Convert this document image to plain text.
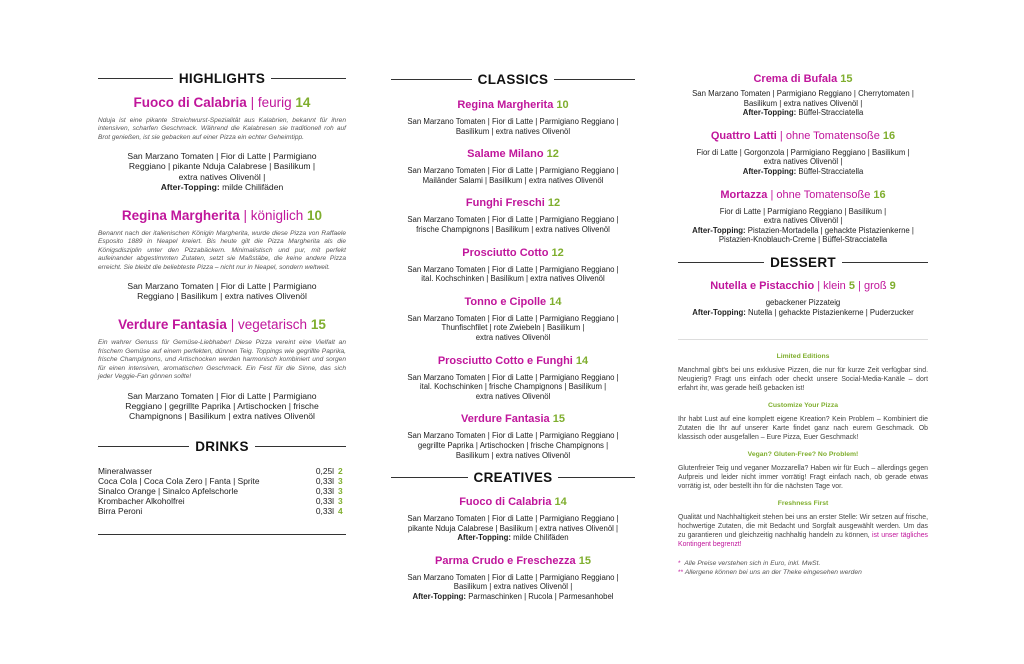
HIGHLIGHTS

Fuoco di Calabria | feurig 14

Nduja ist eine pikante Streichwurst-Spezialität aus Kalabrien, bekannt für ihren intensiven, scharfen Geschmack. Während die Kalabresen sie traditionell roh auf Brot genießen, ist sie gebacken auf einer Pizza ein echter Geheimtipp.

San Marzano Tomaten | Fior di Latte | Parmigiano

Reggiano | pikante Nduja Calabrese | Basilikum |

extra natives Olivenöl |

After-Topping: milde Chilifäden

Regina Margherita | königlich 10

Benannt nach der italienischen Königin Margherita, wurde diese Pizza von Raffaele Esposito 1889 in Neapel kreiert. Bis heute gilt die Pizza Margherita als die Königsdisziplin unter den Pizzabäckern. Minimalistisch und pur, mit perfekt aufeinander abgestimmten Zutaten, setzt sie Maßstäbe, die keine andere Pizza erreicht. Sie bleibt die beliebteste Pizza – nicht nur in Neapel, sondern weltweit.

San Marzano Tomaten | Fior di Latte | Parmigiano

Reggiano | Basilikum | extra natives Olivenöl

Verdure Fantasia | vegetarisch 15

Ein wahrer Genuss für Gemüse-Liebhaber! Diese Pizza vereint eine Vielfalt an frischem Gemüse auf einem perfekten, dünnen Teig. Toppings wie gegrillte Paprika, frische Champignons, und Artischocken werden harmonisch kombiniert und sorgen für einen intensiven, aromatischen Geschmack. Ein Fest für die Sinne, das sich jeder Veggie-Fan gönnen sollte!

San Marzano Tomaten | Fior di Latte | Parmigiano

Reggiano | gegrillte Paprika | Artischocken | frische

Champignons | Basilikum | extra natives Olivenöl

DRINKS
Mineralwasser	0,25l	2
Coca Cola | Coca Cola Zero | Fanta | Sprite	0,33l	3
Sinalco Orange | Sinalco Apfelschorle	0,33l	3
Krombacher Alkoholfrei	0,33l	3
Birra Peroni	0,33l	4
CLASSICS

Regina Margherita 10

San Marzano Tomaten | Fior di Latte | Parmigiano Reggiano |

Basilikum | extra natives Olivenöl

Salame Milano 12

San Marzano Tomaten | Fior di Latte | Parmigiano Reggiano |

Mailänder Salami | Basilikum | extra natives Olivenöl

Funghi Freschi 12

San Marzano Tomaten | Fior di Latte | Parmigiano Reggiano |

frische Champignons | Basilikum | extra natives Olivenöl

Prosciutto Cotto 12

San Marzano Tomaten | Fior di Latte | Parmigiano Reggiano |

ital. Kochschinken | Basilikum | extra natives Olivenöl

Tonno e Cipolle 14

San Marzano Tomaten | Fior di Latte | Parmigiano Reggiano |

Thunfischfilet | rote Zwiebeln | Basilikum |

extra natives Olivenöl

Prosciutto Cotto e Funghi 14

San Marzano Tomaten | Fior di Latte | Parmigiano Reggiano |

ital. Kochschinken | frische Champignons | Basilikum |

extra natives Olivenöl

Verdure Fantasia 15

San Marzano Tomaten | Fior di Latte | Parmigiano Reggiano |

gegrillte Paprika | Artischocken | frische Champignons |

Basilikum | extra natives Olivenöl

CREATIVES

Fuoco di Calabria 14

San Marzano Tomaten | Fior di Latte | Parmigiano Reggiano |

pikante Nduja Calabrese | Basilikum | extra natives Olivenöl |

After-Topping: milde Chilifäden

Parma Crudo e Freschezza 15

San Marzano Tomaten | Fior di Latte | Parmigiano Reggiano |

Basilikum | extra natives Olivenöl |

After-Topping: Parmaschinken | Rucola | Parmesanhobel

Crema di Bufala 15

San Marzano Tomaten | Parmigiano Reggiano | Cherrytomaten |

Basilikum | extra natives Olivenöl |

After-Topping: Büffel-Stracciatella

Quattro Latti | ohne Tomatensoße 16

Fior di Latte | Gorgonzola | Parmigiano Reggiano | Basilikum |

extra natives Olivenöl |

After-Topping: Büffel-Stracciatella

Mortazza | ohne Tomatensoße 16

Fior di Latte | Parmigiano Reggiano | Basilikum |

extra natives Olivenöl |

After-Topping: Pistazien-Mortadella | gehackte Pistazienkerne |

Pistazien-Knoblauch-Creme | Büffel-Stracciatella

DESSERT

Nutella e Pistacchio | klein 5 | groß 9

gebackener Pizzateig

After-Topping: Nutella | gehackte Pistazienkerne | Puderzucker

Limited Editions

Manchmal gibt's bei uns exklusive Pizzen, die nur für kurze Zeit verfügbar sind. Neugierig? Fragt uns einfach oder checkt unsere Social-Media-Kanäle – dort erfahrt ihr, was gerade heiß gebacken ist!

Customize Your Pizza

Ihr habt Lust auf eine komplett eigene Kreation? Kein Problem – Kombiniert die Zutaten die Ihr auf unserer Karte findet ganz nach eurem Geschmack. Ob klassisch oder ausgefallen – Eure Pizza, Euer Geschmack!

Vegan? Gluten-Free? No Problem!

Glutenfreier Teig und veganer Mozzarella? Haben wir für Euch – allerdings gegen Aufpreis und leider nicht immer vorrätig! Fragt einfach nach, ob gerade etwas vorrätig ist, oder bestellt ihn für die nächsten Tage vor.

Freshness First

Qualität und Nachhaltigkeit stehen bei uns an erster Stelle: Wir setzen auf frische, hochwertige Zutaten, die mit Bedacht und Sorgfalt ausgewählt werden. Um das zu garantieren und gleichzeitig nachhaltig handeln zu können, ist unser tägliches Kontingent begrenzt!

* Alle Preise verstehen sich in Euro, inkl. MwSt.

** Allergene können bei uns an der Theke eingesehen werden
